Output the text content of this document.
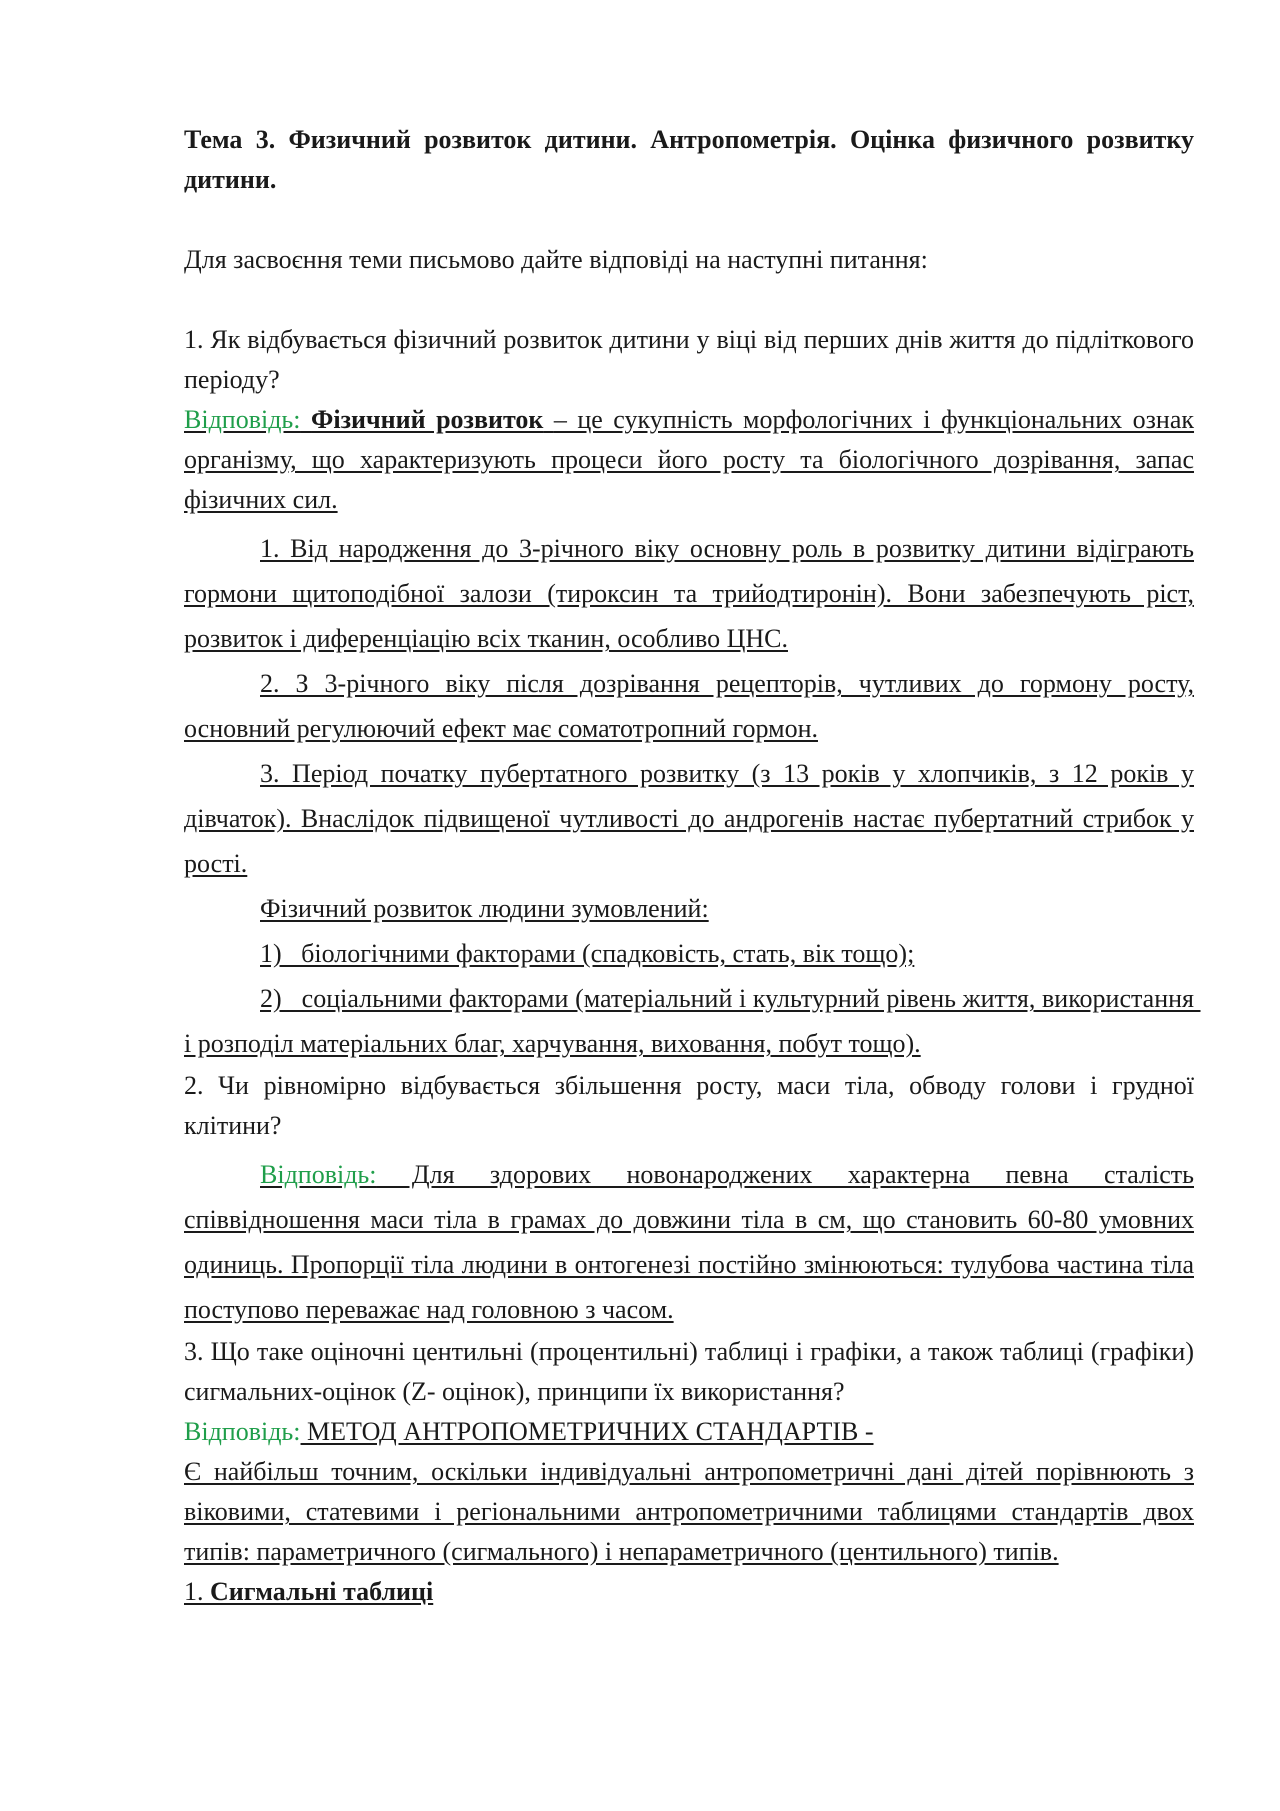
Тема 3. Физичний розвиток дитини. Антропометрія. Оцінка физичного розвитку дитини.

Для засвоєння теми письмово дайте відповіді на наступні питання:

1. Як відбувається фізичний розвиток дитини у віці від перших днів життя до підліткового періоду?

Відповідь: Фізичний розвиток – це сукупність морфологічних і функціональних ознак організму, що характеризують процеси його росту та біологічного дозрівання, запас фізичних сил.

1. Від народження до 3-річного віку основну роль в розвитку дитини відіграють гормони щитоподібної залози (тироксин та трийодтиронін). Вони забезпечують ріст, розвиток і диференціацію всіх тканин, особливо ЦНС.

2. З 3-річного віку після дозрівання рецепторів, чутливих до гормону росту, основний регулюючий ефект має соматотропний гормон.

3. Період початку пубертатного розвитку (з 13 років у хлопчиків, з 12 років у дівчаток). Внаслідок підвищеної чутливості до андрогенів настає пубертатний стрибок у рості.

Фізичний розвиток людини зумовлений:

1)   біологічними факторами (спадковість, стать, вік тощо);

2)   соціальними факторами (матеріальний і культурний рівень життя, використання і розподіл матеріальних благ, харчування, виховання, побут тощо).

2. Чи рівномірно відбувається збільшення росту, маси тіла, обводу голови і грудної клітини?

Відповідь: Для здорових новонароджених характерна певна сталість співвідношення маси тіла в грамах до довжини тіла в см, що становить 60-80 умовних одиниць. Пропорції тіла людини в онтогенезі постійно змінюються: тулубова частина тіла поступово переважає над головною з часом.

3. Що таке оціночні центильні (процентильні) таблиці і графіки, а також таблиці (графіки) сигмальних-оцінок (Z- оцінок), принципи їх використання?

Відповідь: МЕТОД АНТРОПОМЕТРИЧНИХ СТАНДАРТІВ -

Є найбільш точним, оскільки індивідуальні антропометричні дані дітей порівнюють з віковими, статевими і регіональними антропометричними таблицями стандартів двох типів: параметричного (сигмального) і непараметричного (центильного) типів.

1. Сигмальні таблиці
